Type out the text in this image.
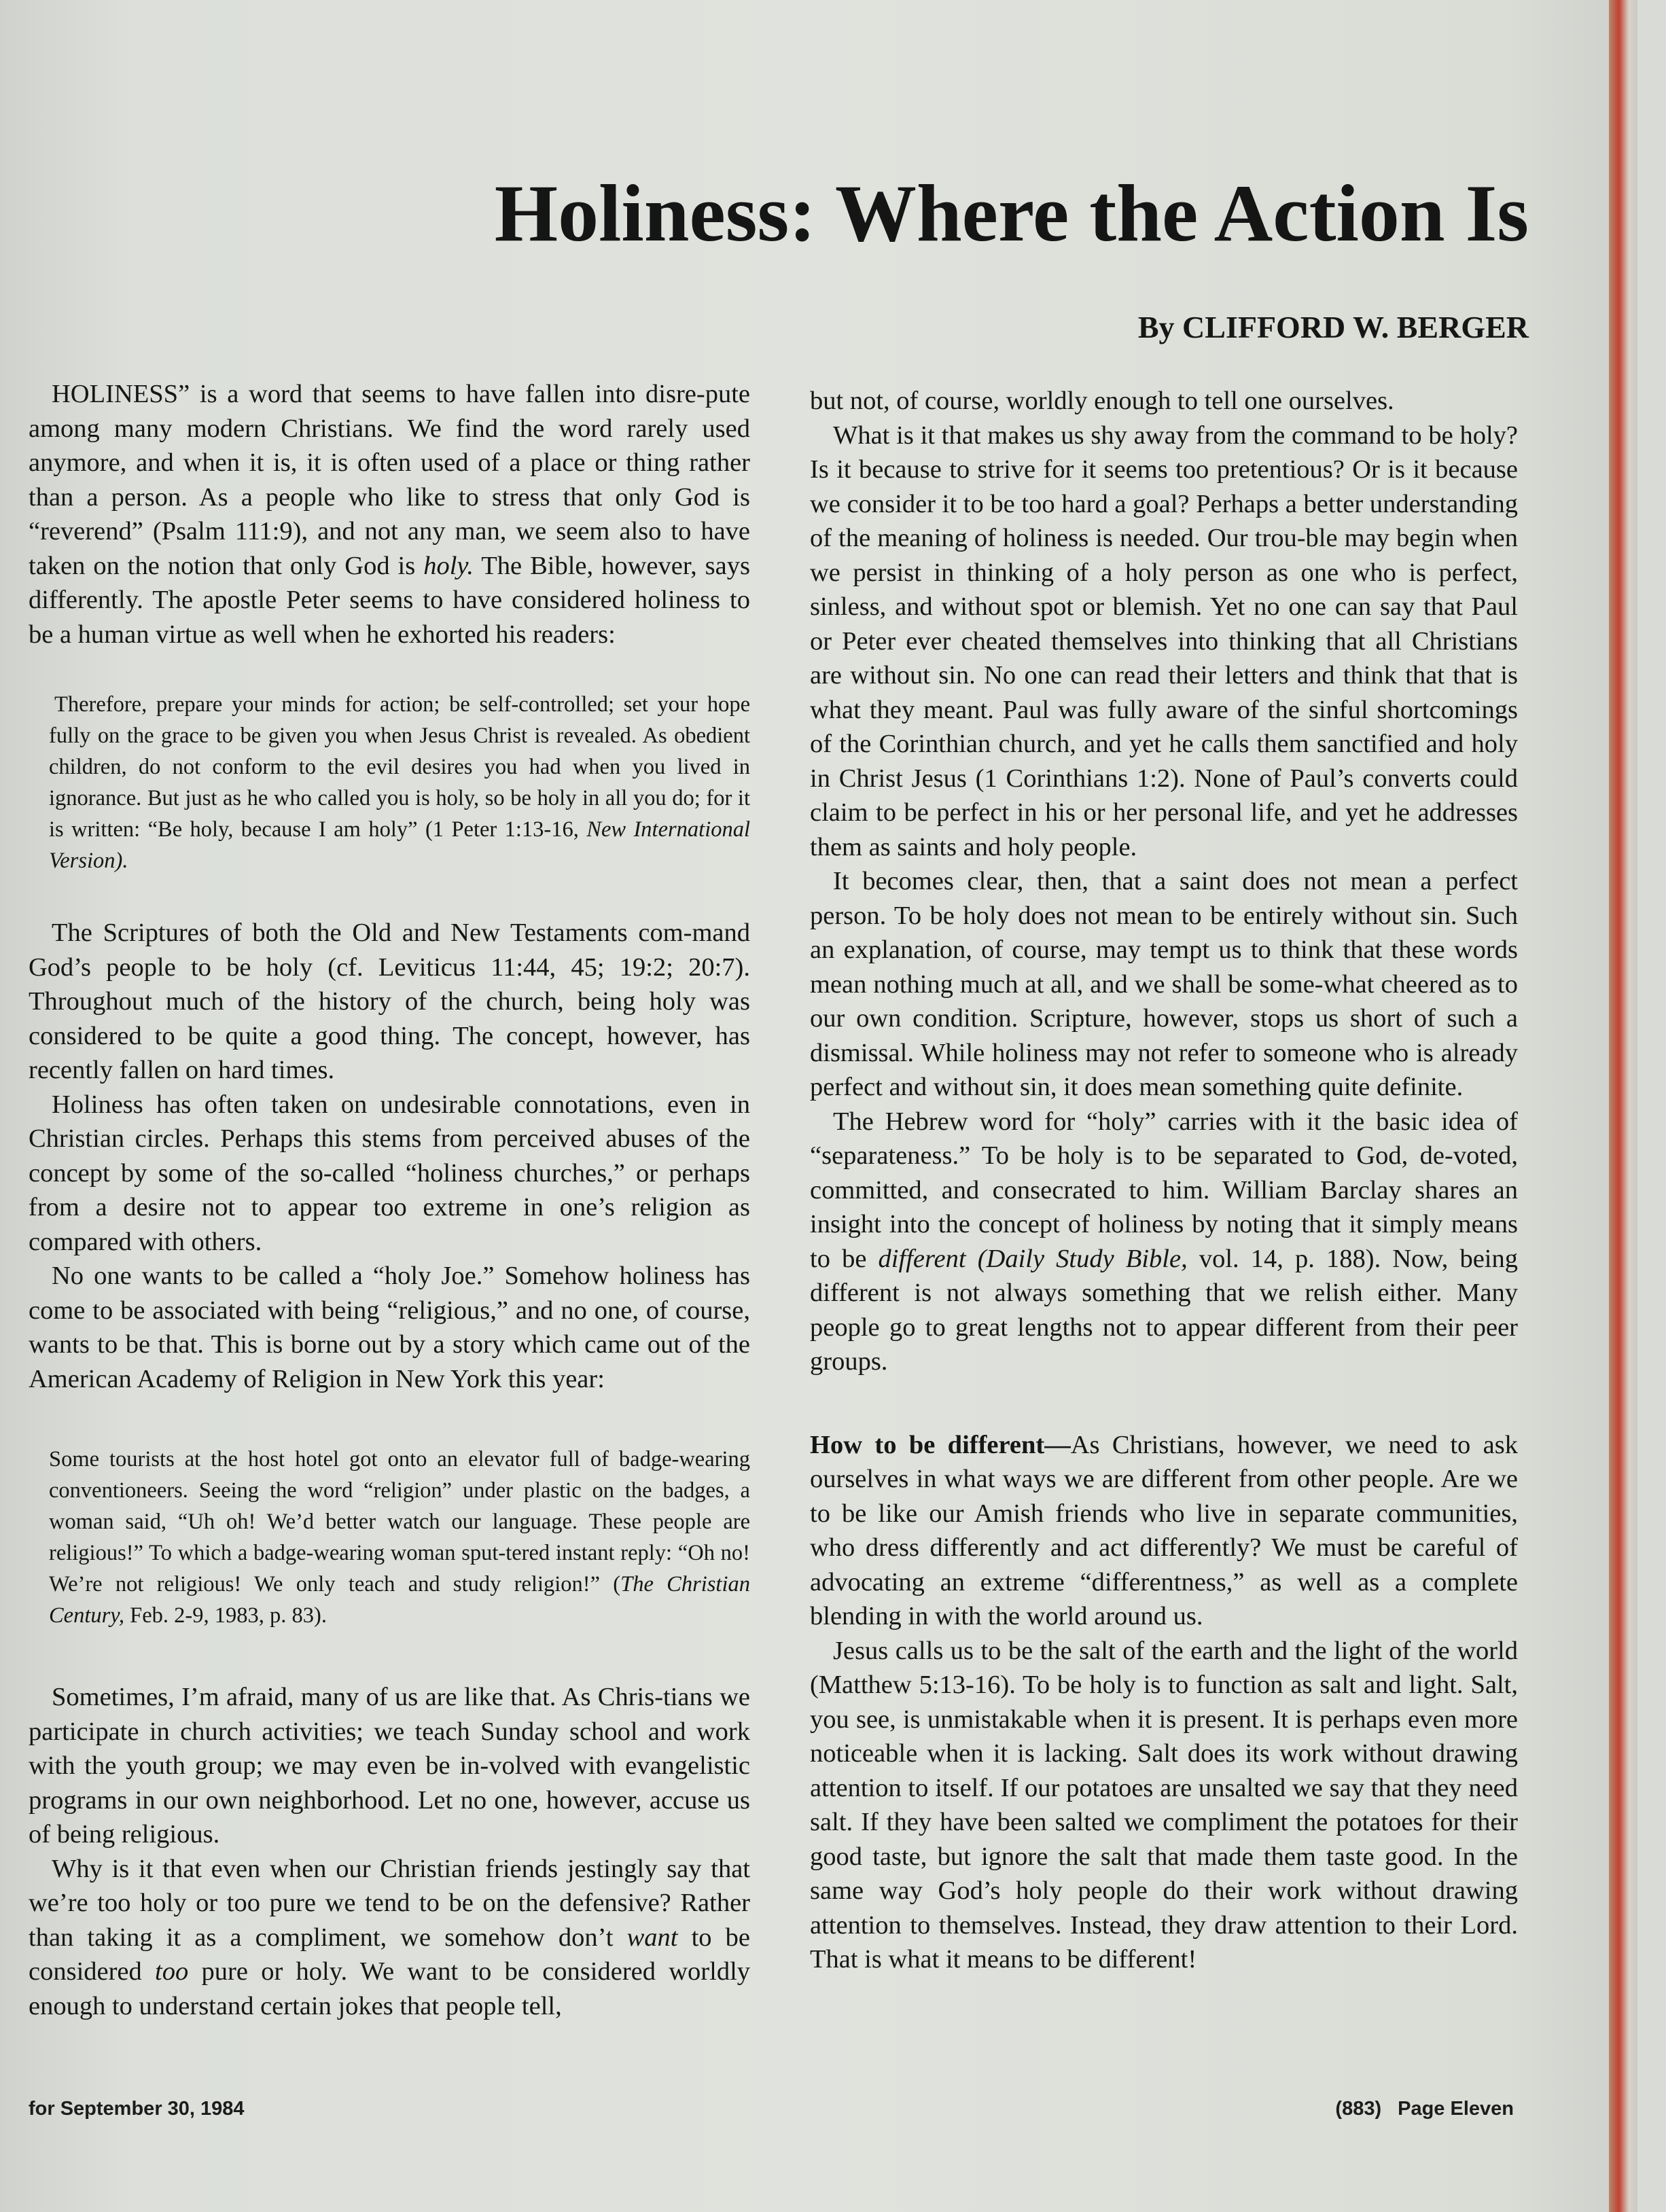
Holiness: Where the Action Is
By CLIFFORD W. BERGER

HOLINESS” is a word that seems to have fallen into disre-pute among many modern Christians. We find the word rarely used anymore, and when it is, it is often used of a place or thing rather than a person. As a people who like to stress that only God is “reverend” (Psalm 111:9), and not any man, we seem also to have taken on the notion that only God is holy. The Bible, however, says differently. The apostle Peter seems to have considered holiness to be a human virtue as well when he exhorted his readers:

Therefore, prepare your minds for action; be self-controlled; set your hope fully on the grace to be given you when Jesus Christ is revealed. As obedient children, do not conform to the evil desires you had when you lived in ignorance. But just as he who called you is holy, so be holy in all you do; for it is written: “Be holy, because I am holy” (1 Peter 1:13-16, New International Version).

The Scriptures of both the Old and New Testaments com-mand God’s people to be holy (cf. Leviticus 11:44, 45; 19:2; 20:7). Throughout much of the history of the church, being holy was considered to be quite a good thing. The concept, however, has recently fallen on hard times.

Holiness has often taken on undesirable connotations, even in Christian circles. Perhaps this stems from perceived abuses of the concept by some of the so-called “holiness churches,” or perhaps from a desire not to appear too extreme in one’s religion as compared with others.

No one wants to be called a “holy Joe.” Somehow holiness has come to be associated with being “religious,” and no one, of course, wants to be that. This is borne out by a story which came out of the American Academy of Religion in New York this year:

Some tourists at the host hotel got onto an elevator full of badge-wearing conventioneers. Seeing the word “religion” under plastic on the badges, a woman said, “Uh oh! We’d better watch our language. These people are religious!” To which a badge-wearing woman sput-tered instant reply: “Oh no! We’re not religious! We only teach and study religion!” (The Christian Century, Feb. 2-9, 1983, p. 83).

Sometimes, I’m afraid, many of us are like that. As Chris-tians we participate in church activities; we teach Sunday school and work with the youth group; we may even be in-volved with evangelistic programs in our own neighborhood. Let no one, however, accuse us of being religious.

Why is it that even when our Christian friends jestingly say that we’re too holy or too pure we tend to be on the defensive? Rather than taking it as a compliment, we somehow don’t want to be considered too pure or holy. We want to be considered worldly enough to understand certain jokes that people tell,

but not, of course, worldly enough to tell one ourselves.

What is it that makes us shy away from the command to be holy? Is it because to strive for it seems too pretentious? Or is it because we consider it to be too hard a goal? Perhaps a better understanding of the meaning of holiness is needed. Our trou-ble may begin when we persist in thinking of a holy person as one who is perfect, sinless, and without spot or blemish. Yet no one can say that Paul or Peter ever cheated themselves into thinking that all Christians are without sin. No one can read their letters and think that that is what they meant. Paul was fully aware of the sinful shortcomings of the Corinthian church, and yet he calls them sanctified and holy in Christ Jesus (1 Corinthians 1:2). None of Paul’s converts could claim to be perfect in his or her personal life, and yet he addresses them as saints and holy people.

It becomes clear, then, that a saint does not mean a perfect person. To be holy does not mean to be entirely without sin. Such an explanation, of course, may tempt us to think that these words mean nothing much at all, and we shall be some-what cheered as to our own condition. Scripture, however, stops us short of such a dismissal. While holiness may not refer to someone who is already perfect and without sin, it does mean something quite definite.

The Hebrew word for “holy” carries with it the basic idea of “separateness.” To be holy is to be separated to God, de-voted, committed, and consecrated to him. William Barclay shares an insight into the concept of holiness by noting that it simply means to be different (Daily Study Bible, vol. 14, p. 188). Now, being different is not always something that we relish either. Many people go to great lengths not to appear different from their peer groups.

How to be different—As Christians, however, we need to ask ourselves in what ways we are different from other people. Are we to be like our Amish friends who live in separate communities, who dress differently and act differently? We must be careful of advocating an extreme “differentness,” as well as a complete blending in with the world around us.

Jesus calls us to be the salt of the earth and the light of the world (Matthew 5:13-16). To be holy is to function as salt and light. Salt, you see, is unmistakable when it is present. It is perhaps even more noticeable when it is lacking. Salt does its work without drawing attention to itself. If our potatoes are unsalted we say that they need salt. If they have been salted we compliment the potatoes for their good taste, but ignore the salt that made them taste good. In the same way God’s holy people do their work without drawing attention to themselves. Instead, they draw attention to their Lord. That is what it means to be different!

for September 30, 1984	(883) Page Eleven
